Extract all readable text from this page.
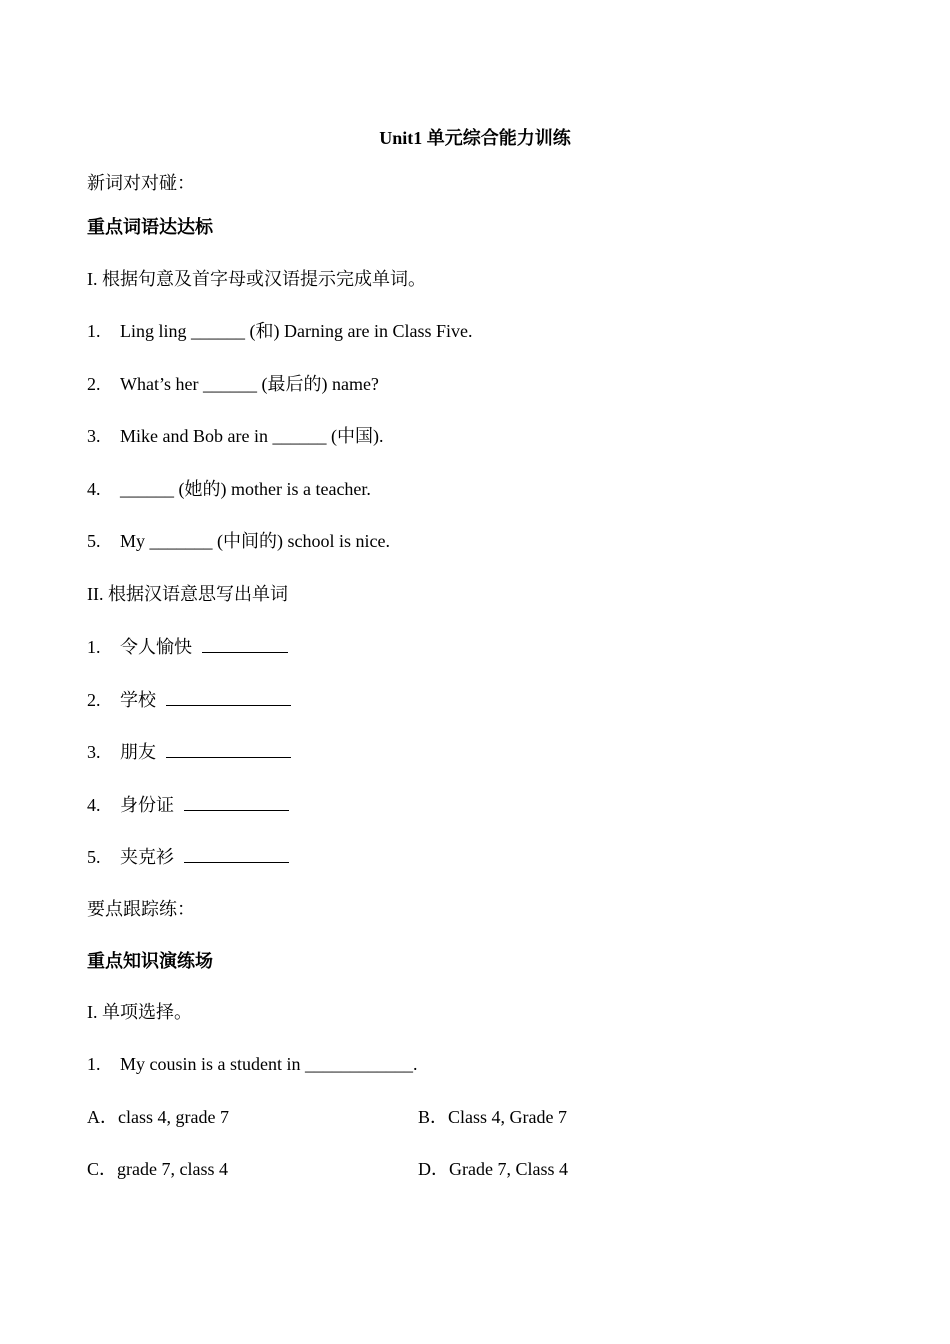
Unit1 单元综合能力训练
新词对对碰：
重点词语达达标
I. 根据句意及首字母或汉语提示完成单词。
1. Ling ling ______ (和) Darning are in Class Five.
2. What’s her ______ (最后的) name?
3. Mike and Bob are in ______ (中国).
4. ______ (她的) mother is a teacher.
5. My _______ (中间的) school is nice.
II. 根据汉语意思写出单词
1. 令人愉快
2. 学校
3. 朋友
4. 身份证
5. 夹克衫
要点跟踪练：
重点知识演练场
I. 单项选择。
1. My cousin is a student in ____________.
A．class 4, grade 7	B．Class 4, Grade 7
C．grade 7, class 4	D．Grade 7, Class 4
